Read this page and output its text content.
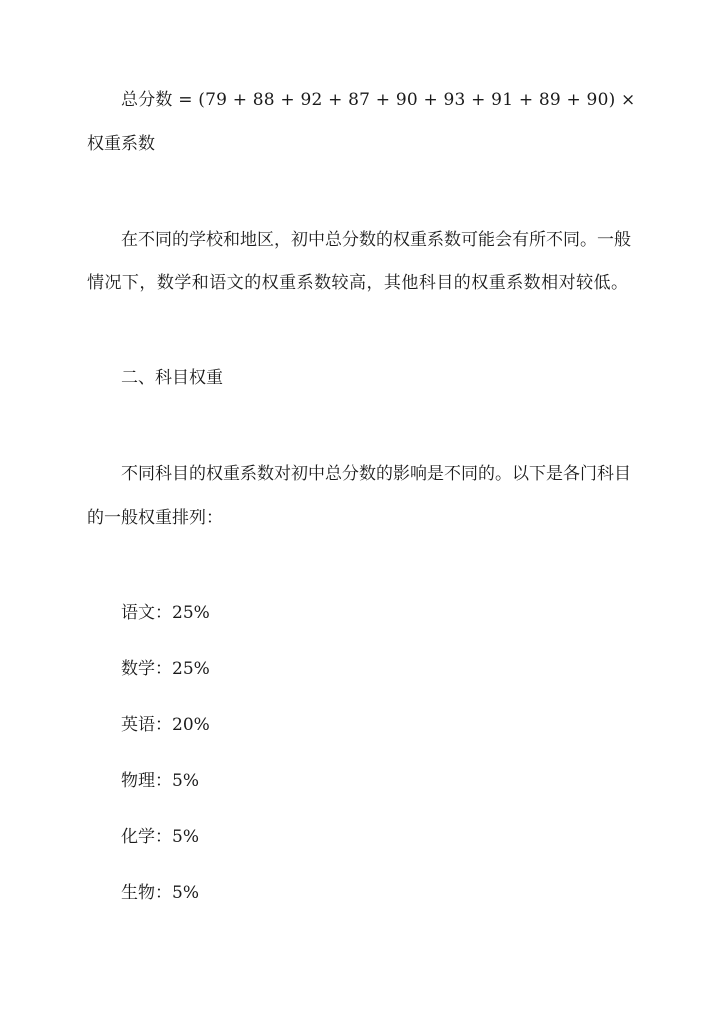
总分数 = (79 + 88 + 92 + 87 + 90 + 93 + 91 + 89 + 90) ×
权重系数
在不同的学校和地区，初中总分数的权重系数可能会有所不同。一般
情况下，数学和语文的权重系数较高，其他科目的权重系数相对较低。
二、科目权重
不同科目的权重系数对初中总分数的影响是不同的。以下是各门科目
的一般权重排列：
语文：25%
数学：25%
英语：20%
物理：5%
化学：5%
生物：5%
